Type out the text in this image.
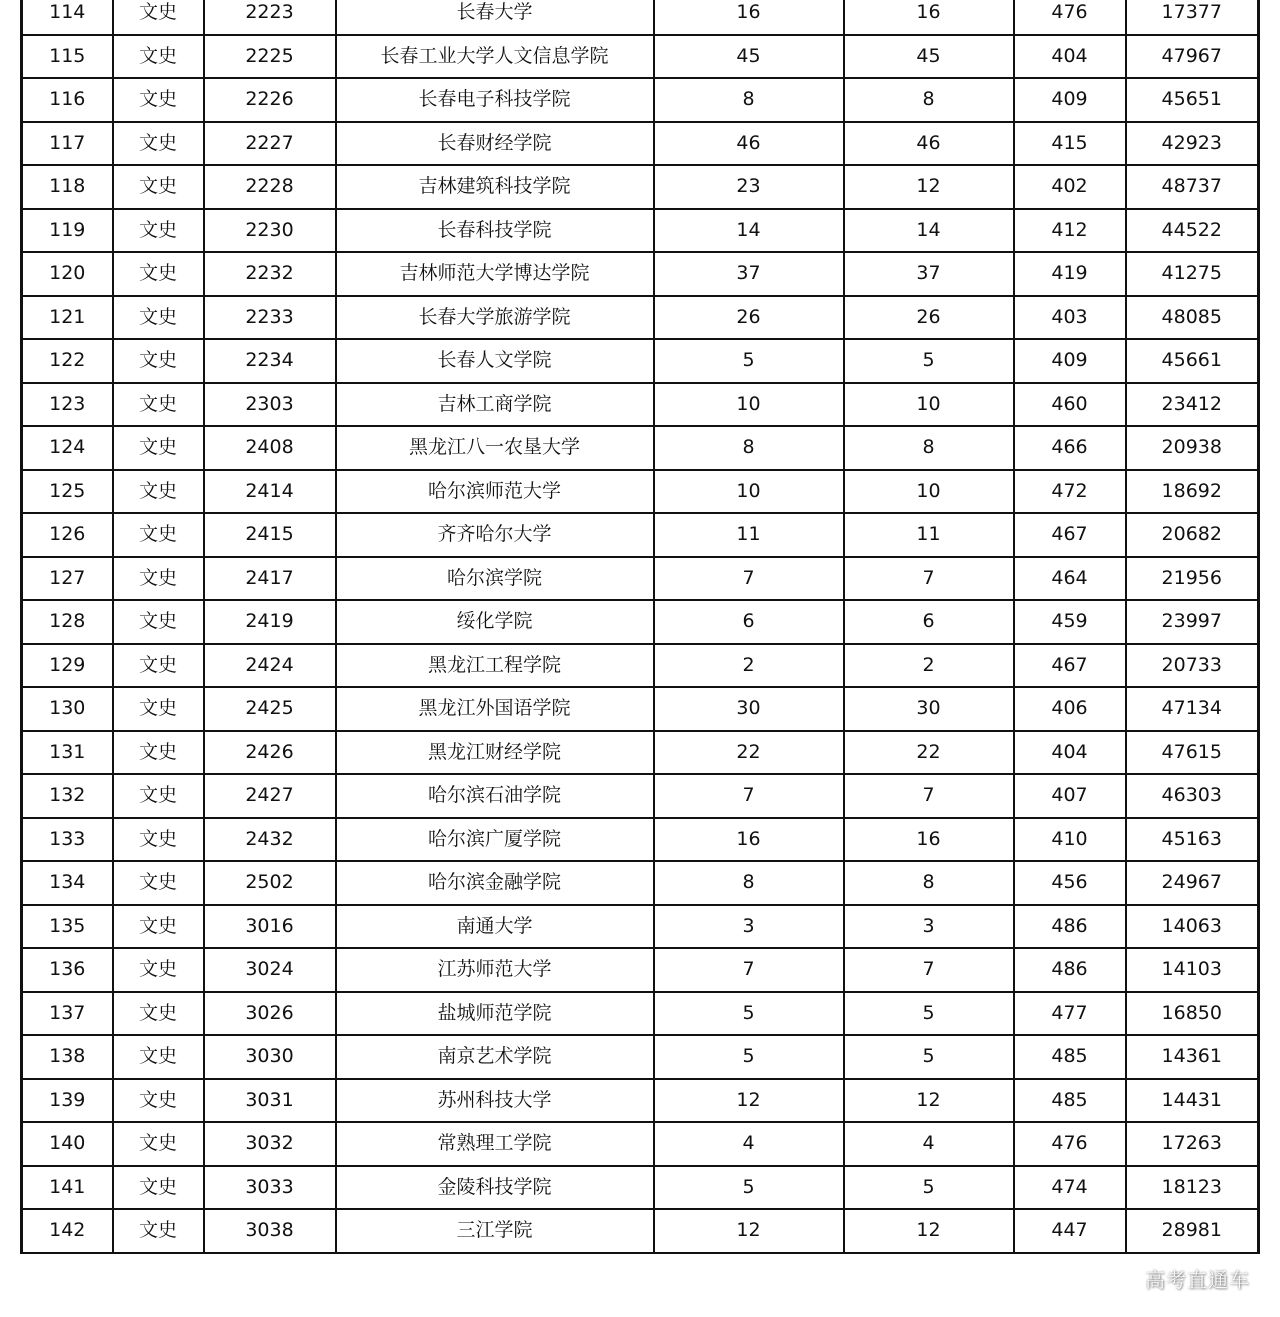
114	文史	2223	长春大学	16	16	476	17377
115	文史	2225	长春工业大学人文信息学院	45	45	404	47967
116	文史	2226	长春电子科技学院	8	8	409	45651
117	文史	2227	长春财经学院	46	46	415	42923
118	文史	2228	吉林建筑科技学院	23	12	402	48737
119	文史	2230	长春科技学院	14	14	412	44522
120	文史	2232	吉林师范大学博达学院	37	37	419	41275
121	文史	2233	长春大学旅游学院	26	26	403	48085
122	文史	2234	长春人文学院	5	5	409	45661
123	文史	2303	吉林工商学院	10	10	460	23412
124	文史	2408	黑龙江八一农垦大学	8	8	466	20938
125	文史	2414	哈尔滨师范大学	10	10	472	18692
126	文史	2415	齐齐哈尔大学	11	11	467	20682
127	文史	2417	哈尔滨学院	7	7	464	21956
128	文史	2419	绥化学院	6	6	459	23997
129	文史	2424	黑龙江工程学院	2	2	467	20733
130	文史	2425	黑龙江外国语学院	30	30	406	47134
131	文史	2426	黑龙江财经学院	22	22	404	47615
132	文史	2427	哈尔滨石油学院	7	7	407	46303
133	文史	2432	哈尔滨广厦学院	16	16	410	45163
134	文史	2502	哈尔滨金融学院	8	8	456	24967
135	文史	3016	南通大学	3	3	486	14063
136	文史	3024	江苏师范大学	7	7	486	14103
137	文史	3026	盐城师范学院	5	5	477	16850
138	文史	3030	南京艺术学院	5	5	485	14361
139	文史	3031	苏州科技大学	12	12	485	14431
140	文史	3032	常熟理工学院	4	4	476	17263
141	文史	3033	金陵科技学院	5	5	474	18123
142	文史	3038	三江学院	12	12	447	28981
高考直通车
